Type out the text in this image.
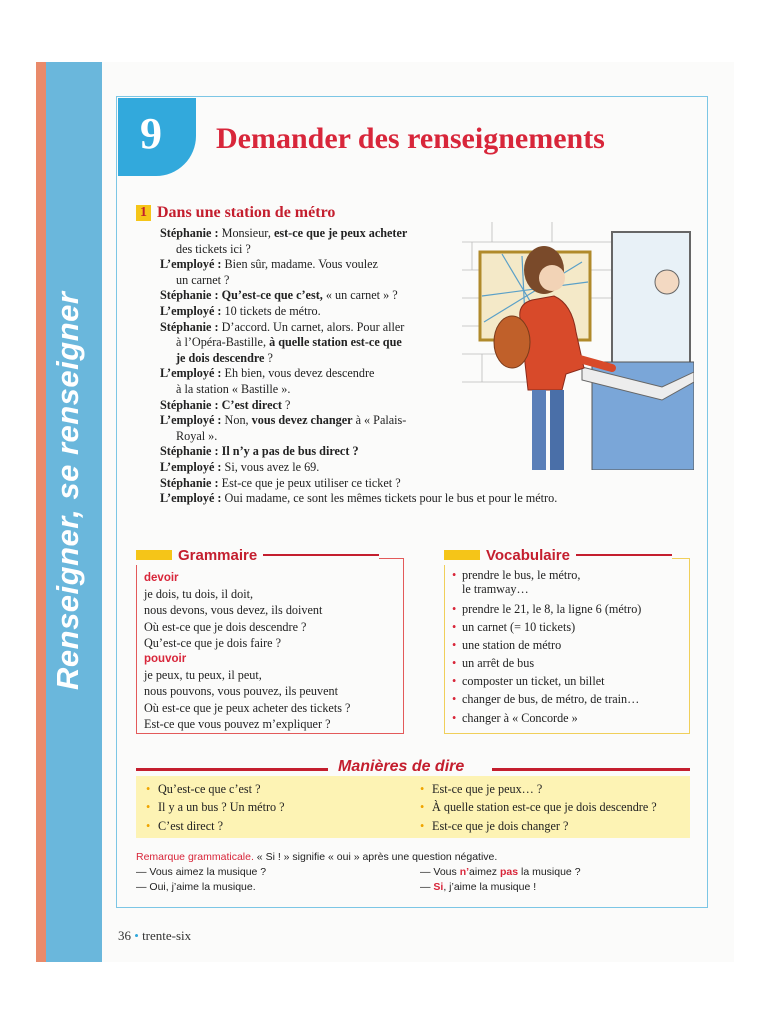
Renseigner, se renseigner
9 Demander des renseignements
1 Dans une station de métro
Stéphanie : Monsieur, est-ce que je peux acheter
des tickets ici ?
L’employé : Bien sûr, madame. Vous voulez
un carnet ?
Stéphanie : Qu’est-ce que c’est, « un carnet » ?
L’employé : 10 tickets de métro.
Stéphanie : D’accord. Un carnet, alors. Pour aller
à l’Opéra-Bastille, à quelle station est-ce que
je dois descendre ?
L’employé : Eh bien, vous devez descendre
à la station « Bastille ».
Stéphanie : C’est direct ?
L’employé : Non, vous devez changer à « Palais-
Royal ».
Stéphanie : Il n’y a pas de bus direct ?
L’employé : Si, vous avez le 69.
Stéphanie : Est-ce que je peux utiliser ce ticket ?
L’employé : Oui madame, ce sont les mêmes tickets pour le bus et pour le métro.
Grammaire
devoir
je dois, tu dois, il doit,
nous devons, vous devez, ils doivent
Où est-ce que je dois descendre ?
Qu’est-ce que je dois faire ?
pouvoir
je peux, tu peux, il peut,
nous pouvons, vous pouvez, ils peuvent
Où est-ce que je peux acheter des tickets ?
Est-ce que vous pouvez m’expliquer ?
Vocabulaire
• prendre le bus, le métro,
le tramway…
• prendre le 21, le 8, la ligne 6 (métro)
• un carnet (= 10 tickets)
• une station de métro
• un arrêt de bus
• composter un ticket, un billet
• changer de bus, de métro, de train…
• changer à « Concorde »
Manières de dire
• Qu’est-ce que c’est ?
• Il y a un bus ? Un métro ?
• C’est direct ?
• Est-ce que je peux… ?
• À quelle station est-ce que je dois descendre ?
• Est-ce que je dois changer ?
Remarque grammaticale. « Si ! » signifie « oui » après une question négative.
— Vous aimez la musique ?
— Oui, j’aime la musique.
— Vous n’aimez pas la musique ?
— Si, j’aime la musique !
36 • trente-six
